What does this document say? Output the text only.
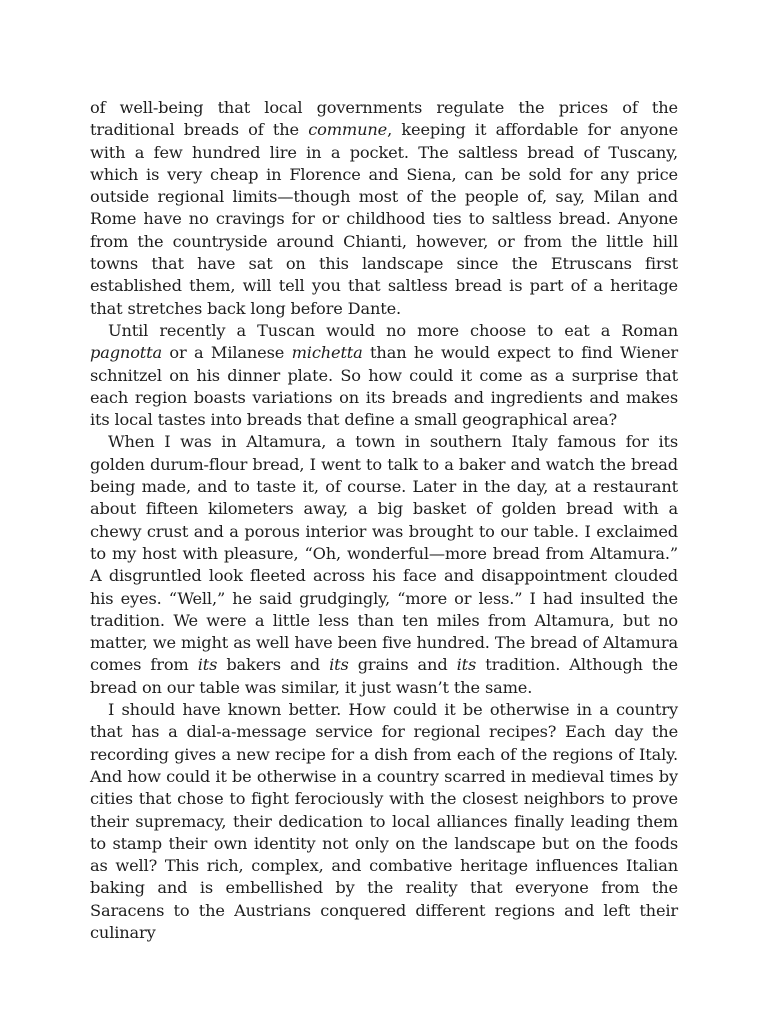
of well-being that local governments regulate the prices of the traditional breads of the commune, keeping it affordable for anyone with a few hundred lire in a pocket. The saltless bread of Tuscany, which is very cheap in Florence and Siena, can be sold for any price outside regional limits—though most of the people of, say, Milan and Rome have no cravings for or childhood ties to saltless bread. Anyone from the countryside around Chianti, however, or from the little hill towns that have sat on this landscape since the Etruscans first established them, will tell you that saltless bread is part of a heritage that stretches back long before Dante.

Until recently a Tuscan would no more choose to eat a Roman pagnotta or a Milanese michetta than he would expect to find Wiener schnitzel on his dinner plate. So how could it come as a surprise that each region boasts variations on its breads and ingredients and makes its local tastes into breads that define a small geographical area?

When I was in Altamura, a town in southern Italy famous for its golden durum-flour bread, I went to talk to a baker and watch the bread being made, and to taste it, of course. Later in the day, at a restaurant about fifteen kilometers away, a big basket of golden bread with a chewy crust and a porous interior was brought to our table. I exclaimed to my host with pleasure, “Oh, wonderful—more bread from Altamura.” A disgruntled look fleeted across his face and disappointment clouded his eyes. “Well,” he said grudgingly, “more or less.” I had insulted the tradition. We were a little less than ten miles from Altamura, but no matter, we might as well have been five hundred. The bread of Altamura comes from its bakers and its grains and its tradition. Although the bread on our table was similar, it just wasn’t the same.

I should have known better. How could it be otherwise in a country that has a dial-a-message service for regional recipes? Each day the recording gives a new recipe for a dish from each of the regions of Italy. And how could it be otherwise in a country scarred in medieval times by cities that chose to fight ferociously with the closest neighbors to prove their supremacy, their dedication to local alliances finally leading them to stamp their own identity not only on the landscape but on the foods as well? This rich, complex, and combative heritage influences Italian baking and is embellished by the reality that everyone from the Saracens to the Austrians conquered different regions and left their culinary
